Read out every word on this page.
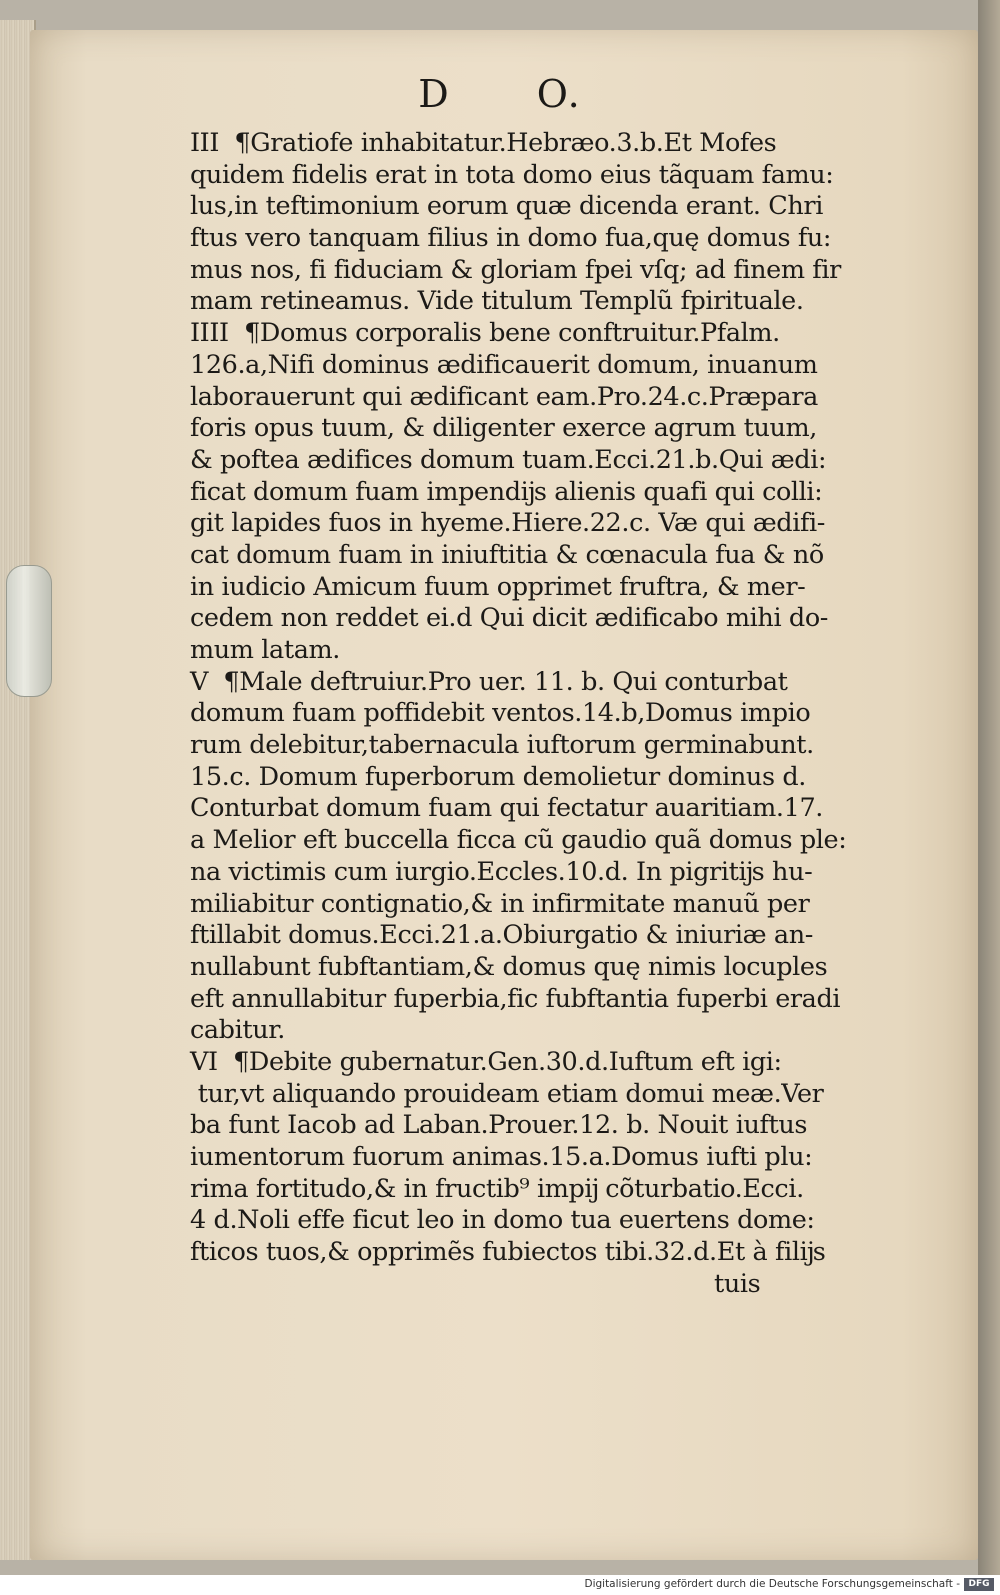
D O.
III  ¶Gratiofe inhabitatur.Hebræo.3.b.Et Mofes
quidem fidelis erat in tota domo eius tãquam famu:
lus,in teftimonium eorum quæ dicenda erant. Chri
ftus vero tanquam filius in domo fua,quę domus fu:
mus nos, fi fiduciam & gloriam fpei vſq; ad finem fir
mam retineamus. Vide titulum Templũ fpirituale.
IIII  ¶Domus corporalis bene conftruitur.Pfalm.
126.a,Nifi dominus ædificauerit domum, inuanum
laborauerunt qui ædificant eam.Pro.24.c.Præpara
foris opus tuum, & diligenter exerce agrum tuum,
& poftea ædifices domum tuam.Ecci.21.b.Qui ædi:
ficat domum fuam impendĳs alienis quafi qui colli:
git lapides fuos in hyeme.Hiere.22.c. Væ qui ædifi-
cat domum fuam in iniuftitia & cœnacula fua & nõ
in iudicio Amicum fuum opprimet fruftra, & mer-
cedem non reddet ei.d Qui dicit ædificabo mihi do-
mum latam.
V  ¶Male deftruiur.Pro uer. 11. b. Qui conturbat
domum fuam poffidebit ventos.14.b,Domus impio
rum delebitur,tabernacula iuftorum germinabunt.
15.c. Domum fuperborum demolietur dominus d.
Conturbat domum fuam qui fectatur auaritiam.17.
a Melior eft buccella ficca cũ gaudio quã domus ple:
na victimis cum iurgio.Eccles.10.d. In pigritĳs hu-
miliabitur contignatio,& in infirmitate manuũ per
ftillabit domus.Ecci.21.a.Obiurgatio & iniuriæ an-
nullabunt fubftantiam,& domus quę nimis locuples
eft annullabitur fuperbia,fic fubftantia fuperbi eradi
cabitur.
VI  ¶Debite gubernatur.Gen.30.d.Iuftum eft igi:
tur,vt aliquando prouideam etiam domui meæ.Ver
ba funt Iacob ad Laban.Prouer.12. b. Nouit iuftus
iumentorum fuorum animas.15.a.Domus iufti plu:
rima fortitudo,& in fructib⁹ impĳ cõturbatio.Ecci.
4 d.Noli effe ficut leo in domo tua euertens dome:
fticos tuos,& opprimẽs fubiectos tibi.32.d.Et à filĳs
tuis
Digitalisierung gefördert durch die Deutsche Forschungsgemeinschaft - DFG
